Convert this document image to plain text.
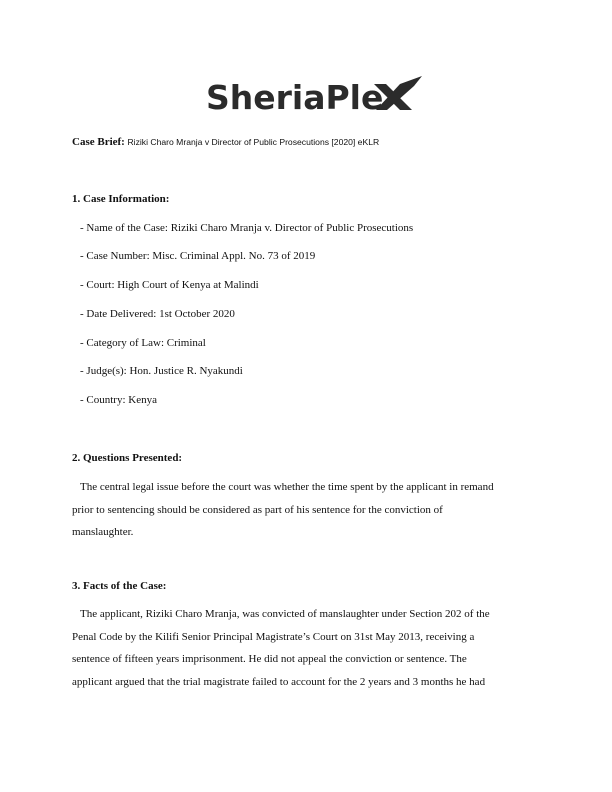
SheriaPle
Case Brief: Riziki Charo Mranja v Director of Public Prosecutions [2020] eKLR
1. Case Information:
- Name of the Case: Riziki Charo Mranja v. Director of Public Prosecutions
- Case Number: Misc. Criminal Appl. No. 73 of 2019
- Court: High Court of Kenya at Malindi
- Date Delivered: 1st October 2020
- Category of Law: Criminal
- Judge(s): Hon. Justice R. Nyakundi
- Country: Kenya
2. Questions Presented:
The central legal issue before the court was whether the time spent by the applicant in remand
prior to sentencing should be considered as part of his sentence for the conviction of
manslaughter.
3. Facts of the Case:
The applicant, Riziki Charo Mranja, was convicted of manslaughter under Section 202 of the
Penal Code by the Kilifi Senior Principal Magistrate’s Court on 31st May 2013, receiving a
sentence of fifteen years imprisonment. He did not appeal the conviction or sentence. The
applicant argued that the trial magistrate failed to account for the 2 years and 3 months he had
